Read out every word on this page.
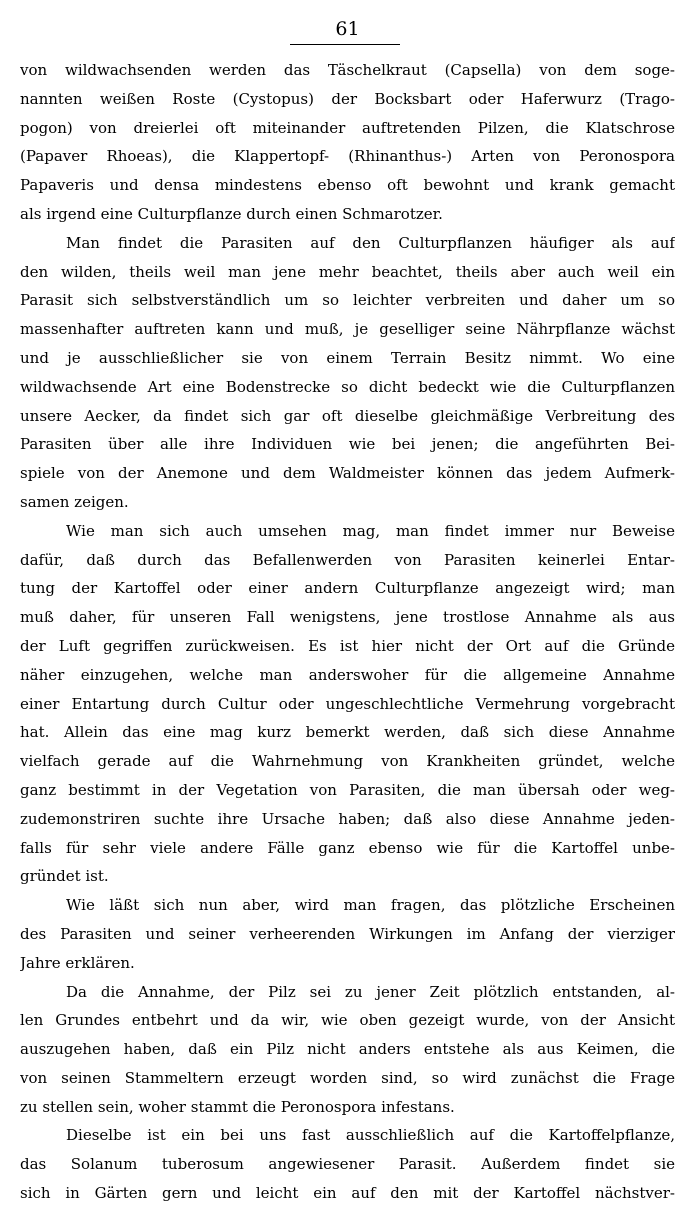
61
von wildwachsenden werden das Täschelkraut (Capsella) von dem soge-
nannten weißen Roste (Cystopus) der Bocksbart oder Haferwurz (Trago-
pogon) von dreierlei oft miteinander auftretenden Pilzen, die Klatschrose
(Papaver Rhoeas), die Klappertopf- (Rhinanthus-) Arten von Peronospora
Papaveris und densa mindestens ebenso oft bewohnt und krank gemacht
als irgend eine Culturpflanze durch einen Schmarotzer.
Man findet die Parasiten auf den Culturpflanzen häufiger als auf
den wilden, theils weil man jene mehr beachtet, theils aber auch weil ein
Parasit sich selbstverständlich um so leichter verbreiten und daher um so
massenhafter auftreten kann und muß, je geselliger seine Nährpflanze wächst
und je ausschließlicher sie von einem Terrain Besitz nimmt. Wo eine
wildwachsende Art eine Bodenstrecke so dicht bedeckt wie die Culturpflanzen
unsere Aecker, da findet sich gar oft dieselbe gleichmäßige Verbreitung des
Parasiten über alle ihre Individuen wie bei jenen; die angeführten Bei-
spiele von der Anemone und dem Waldmeister können das jedem Aufmerk-
samen zeigen.
Wie man sich auch umsehen mag, man findet immer nur Beweise
dafür, daß durch das Befallenwerden von Parasiten keinerlei Entar-
tung der Kartoffel oder einer andern Culturpflanze angezeigt wird; man
muß daher, für unseren Fall wenigstens, jene trostlose Annahme als aus
der Luft gegriffen zurückweisen. Es ist hier nicht der Ort auf die Gründe
näher einzugehen, welche man anderswoher für die allgemeine Annahme
einer Entartung durch Cultur oder ungeschlechtliche Vermehrung vorgebracht
hat. Allein das eine mag kurz bemerkt werden, daß sich diese Annahme
vielfach gerade auf die Wahrnehmung von Krankheiten gründet, welche
ganz bestimmt in der Vegetation von Parasiten, die man übersah oder weg-
zudemonstriren suchte ihre Ursache haben; daß also diese Annahme jeden-
falls für sehr viele andere Fälle ganz ebenso wie für die Kartoffel unbe-
gründet ist.
Wie läßt sich nun aber, wird man fragen, das plötzliche Erscheinen
des Parasiten und seiner verheerenden Wirkungen im Anfang der vierziger
Jahre erklären.
Da die Annahme, der Pilz sei zu jener Zeit plötzlich entstanden, al-
len Grundes entbehrt und da wir, wie oben gezeigt wurde, von der Ansicht
auszugehen haben, daß ein Pilz nicht anders entstehe als aus Keimen, die
von seinen Stammeltern erzeugt worden sind, so wird zunächst die Frage
zu stellen sein, woher stammt die Peronospora infestans.
Dieselbe ist ein bei uns fast ausschließlich auf die Kartoffelpflanze,
das Solanum tuberosum angewiesener Parasit. Außerdem findet sie
sich in Gärten gern und leicht ein auf den mit der Kartoffel nächstver-
